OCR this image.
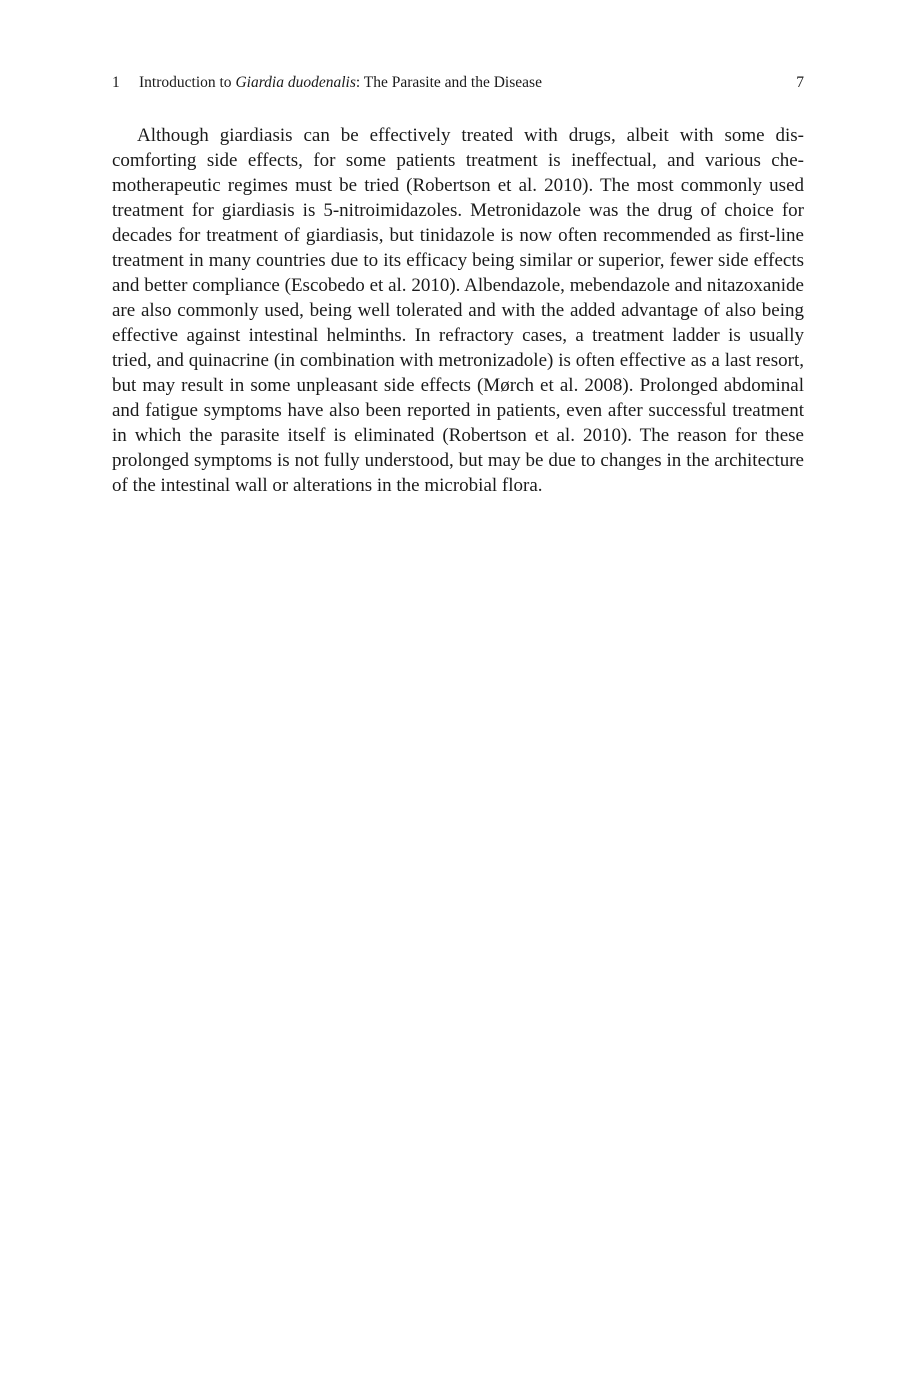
1 Introduction to Giardia duodenalis: The Parasite and the Disease	7

Although giardiasis can be effectively treated with drugs, albeit with some discomforting side effects, for some patients treatment is ineffectual, and various chemotherapeutic regimes must be tried (Robertson et al. 2010). The most commonly used treatment for giardiasis is 5-nitroimidazoles. Metronidazole was the drug of choice for decades for treatment of giardiasis, but tinidazole is now often recommended as first-line treatment in many countries due to its efficacy being similar or superior, fewer side effects and better compliance (Escobedo et al. 2010). Albendazole, mebendazole and nitazoxanide are also commonly used, being well tolerated and with the added advantage of also being effective against intestinal helminths. In refractory cases, a treatment ladder is usually tried, and quinacrine (in combination with metronizadole) is often effective as a last resort, but may result in some unpleasant side effects (Mørch et al. 2008). Prolonged abdominal and fatigue symptoms have also been reported in patients, even after successful treatment in which the parasite itself is eliminated (Robertson et al. 2010). The reason for these prolonged symptoms is not fully understood, but may be due to changes in the architecture of the intestinal wall or alterations in the microbial flora.
